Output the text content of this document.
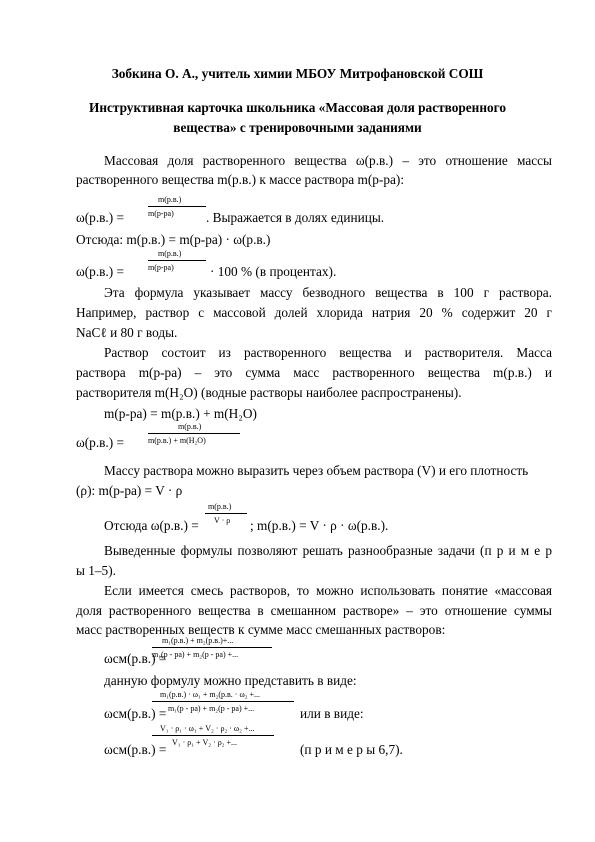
Зобкина О. А., учитель химии МБОУ Митрофановской СОШ
Инструктивная карточка школьника «Массовая доля растворенного
вещества» с тренировочными заданиями
Массовая доля растворенного вещества ω(р.в.) – это отношение массы
растворенного вещества m(р.в.) к массе раствора m(р-ра):
m(р.в.)
ω(р.в.) =	m(р-ра) . Выражается в долях единицы.
Отсюда: m(р.в.) = m(р-ра) · ω(р.в.)
m(р.в.)
ω(р.в.) =	m(р-ра)	· 100 % (в процентах).
Эта формула указывает массу безводного вещества в 100 г раствора.
Например, раствор с массовой долей хлорида натрия 20 % содержит 20 г
NaCℓ и 80 г воды.
Раствор состоит из растворенного вещества и растворителя. Масса
раствора m(р-ра) – это сумма масс растворенного вещества m(р.в.) и
растворителя m(H₂O) (водные растворы наиболее распространены).
m(р-ра) = m(р.в.) + m(H₂O)
m(р.в.)
ω(р.в.) =	m(р.в.) + m(H₂O)
Массу раствора можно выразить через объем раствора (V) и его плотность
(ρ): m(р-ра) = V · ρ
m(р.в.)
Отсюда ω(р.в.) = V · ρ ; m(р.в.) = V · ρ · ω(р.в.).
Выведенные формулы позволяют решать разнообразные задачи (п р и м е р
ы 1–5).
Если имеется смесь растворов, то можно использовать понятие «массовая
доля растворенного вещества в смешанном растворе» – это отношение суммы
масс растворенных веществ к сумме масс смешанных растворов:
m₁(р.в.) + m₂(р.в.)+...
ωсм(р.в.) =
m₁(р - ра) + m₂(р - ра) +...
данную формулу можно представить в виде:
m₁(р.в.) · ω₁ + m₂(р.в. · ω₂ +...
ωсм(р.в.) = m₁(р - ра) + m₂(р - ра) +...	или в виде:
V₁ · ρ₁ · ω₁ + V₂ · ρ₂ · ω₂ +...
ωсм(р.в.) = V₁ · ρ₁ + V₂ · ρ₂ +...	(п р и м е р ы 6,7).
